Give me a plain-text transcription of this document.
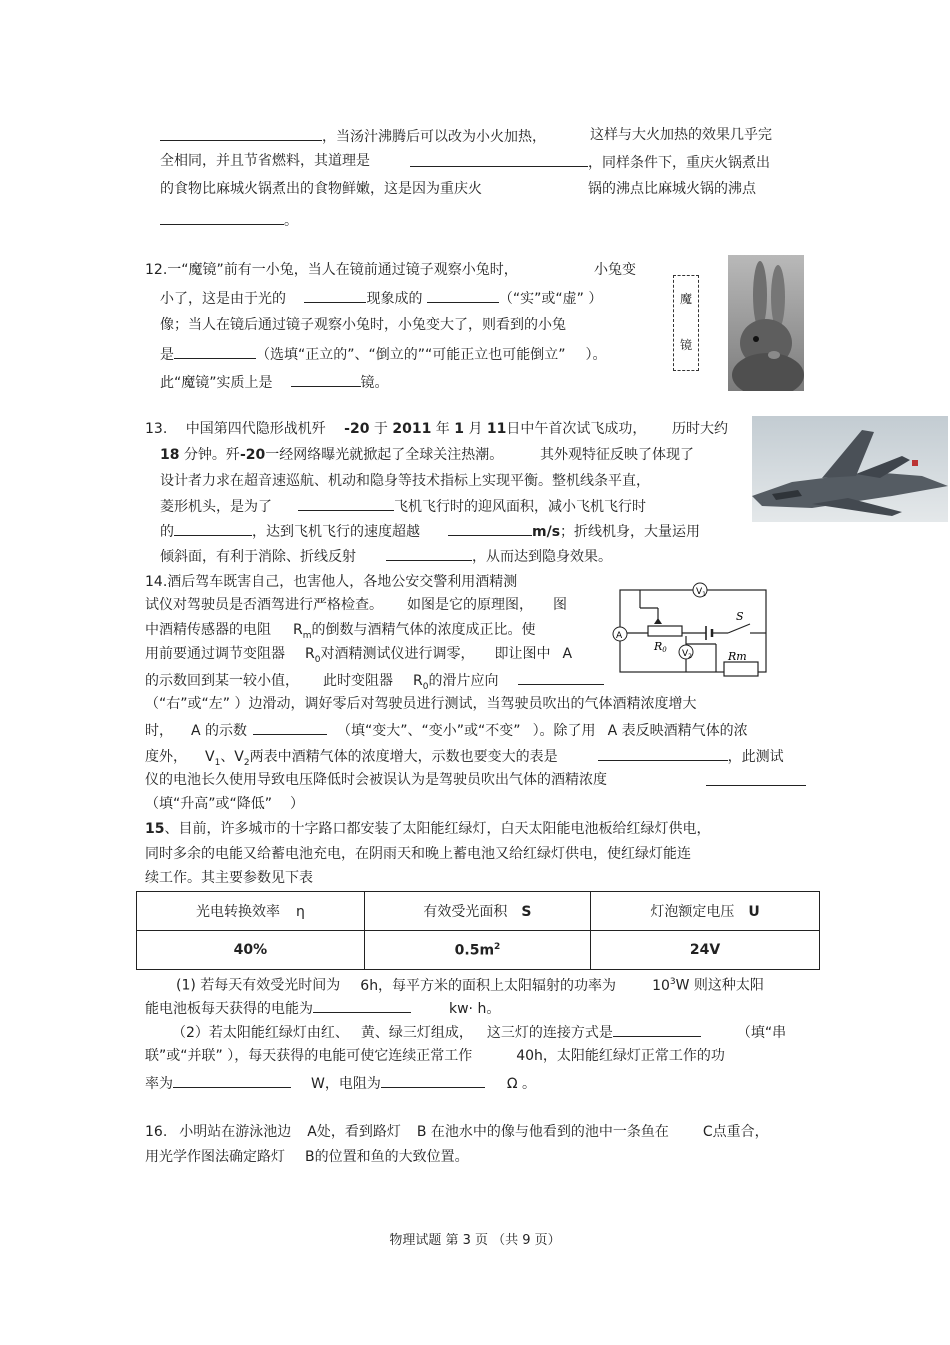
，当汤汁沸腾后可以改为小火加热，	这样与大火加热的效果几乎完
全相同，并且节省燃料，其道理是	，同样条件下，重庆火锅煮出
的食物比麻城火锅煮出的食物鲜嫩，这是因为重庆火	锅的沸点比麻城火锅的沸点
。
12.一“魔镜”前有一小兔，当人在镜前通过镜子观察小兔时，	小兔变
小了，这是由于光的	现象成的	（“实”或“虚” ）
像；当人在镜后通过镜子观察小兔时，小兔变大了，则看到的小兔
是	（选填“正立的”、“倒立的”“可能正立也可能倒立” ）。
此“魔镜”实质上是	镜。
魔
镜
13. 中国第四代隐形战机歼 -20 于 2011 年 1 月 11日中午首次试飞成功， 历时大约
18 分钟。歼-20一经网络曝光就掀起了全球关注热潮。	其外观特征反映了体现了
设计者力求在超音速巡航、机动和隐身等技术指标上实现平衡。整机线条平直，
菱形机头，是为了	飞机飞行时的迎风面积，减小飞机飞行时
的	，达到飞机飞行的速度超越	m/s；折线机身，大量运用
倾斜面，有利于消除、折线反射	，从而达到隐身效果。
14.酒后驾车既害自己，也害他人，各地公安交警利用酒精测
试仪对驾驶员是否酒驾进行严格检查。 如图是它的原理图， 图
中酒精传感器的电阻 $R_m$的倒数与酒精气体的浓度成正比。使
用前要通过调节变阻器 $R_0$对酒精测试仪进行调零， 即让图中 A
的示数回到某一较小值， 此时变阻器 $R_0$的滑片应向
（“右”或“左” ）边滑动，调好零后对驾驶员进行测试，当驾驶员吹出的气体酒精浓度增大
时， A 的示数	（填“变大”、“变小”或“不变” ）。除了用 A 表反映酒精气体的浓
度外， $V_1$、$V_2$两表中酒精气体的浓度增大，示数也要变大的表是	，此测试
仪的电池长久使用导致电压降低时会被误认为是驾驶员吹出气体的酒精浓度
（填“升高”或“降低” ）
$V_1$
A
$V_2$
S
R0	Rm
15、目前，许多城市的十字路口都安装了太阳能红绿灯，白天太阳能电池板给红绿灯供电，
同时多余的电能又给蓄电池充电，在阴雨天和晚上蓄电池又给红绿灯供电，使红绿灯能连
续工作。其主要参数见下表
光电转换效率 η	有效受光面积 S	灯泡额定电压 U
40%	$0.5m^2$	24V
(1) 若每天有效受光时间为 6h，每平方米的面积上太阳辐射的功率为	$10^3W$ 则这种太阳
能电池板每天获得的电能为	kw· h。
（2）若太阳能红绿灯由红、 黄、绿三灯组成， 这三灯的连接方式是	（填“串
联”或“并联” ），每天获得的电能可使它连续正常工作	40h，太阳能红绿灯正常工作的功
率为	W，电阻为	Ω 。
16. 小明站在游泳池边 A处，看到路灯 B 在池水中的像与他看到的池中一条鱼在 C点重合，
用光学作图法确定路灯 B的位置和鱼的大致位置。
物理试题 第 3 页 （共 9 页）
